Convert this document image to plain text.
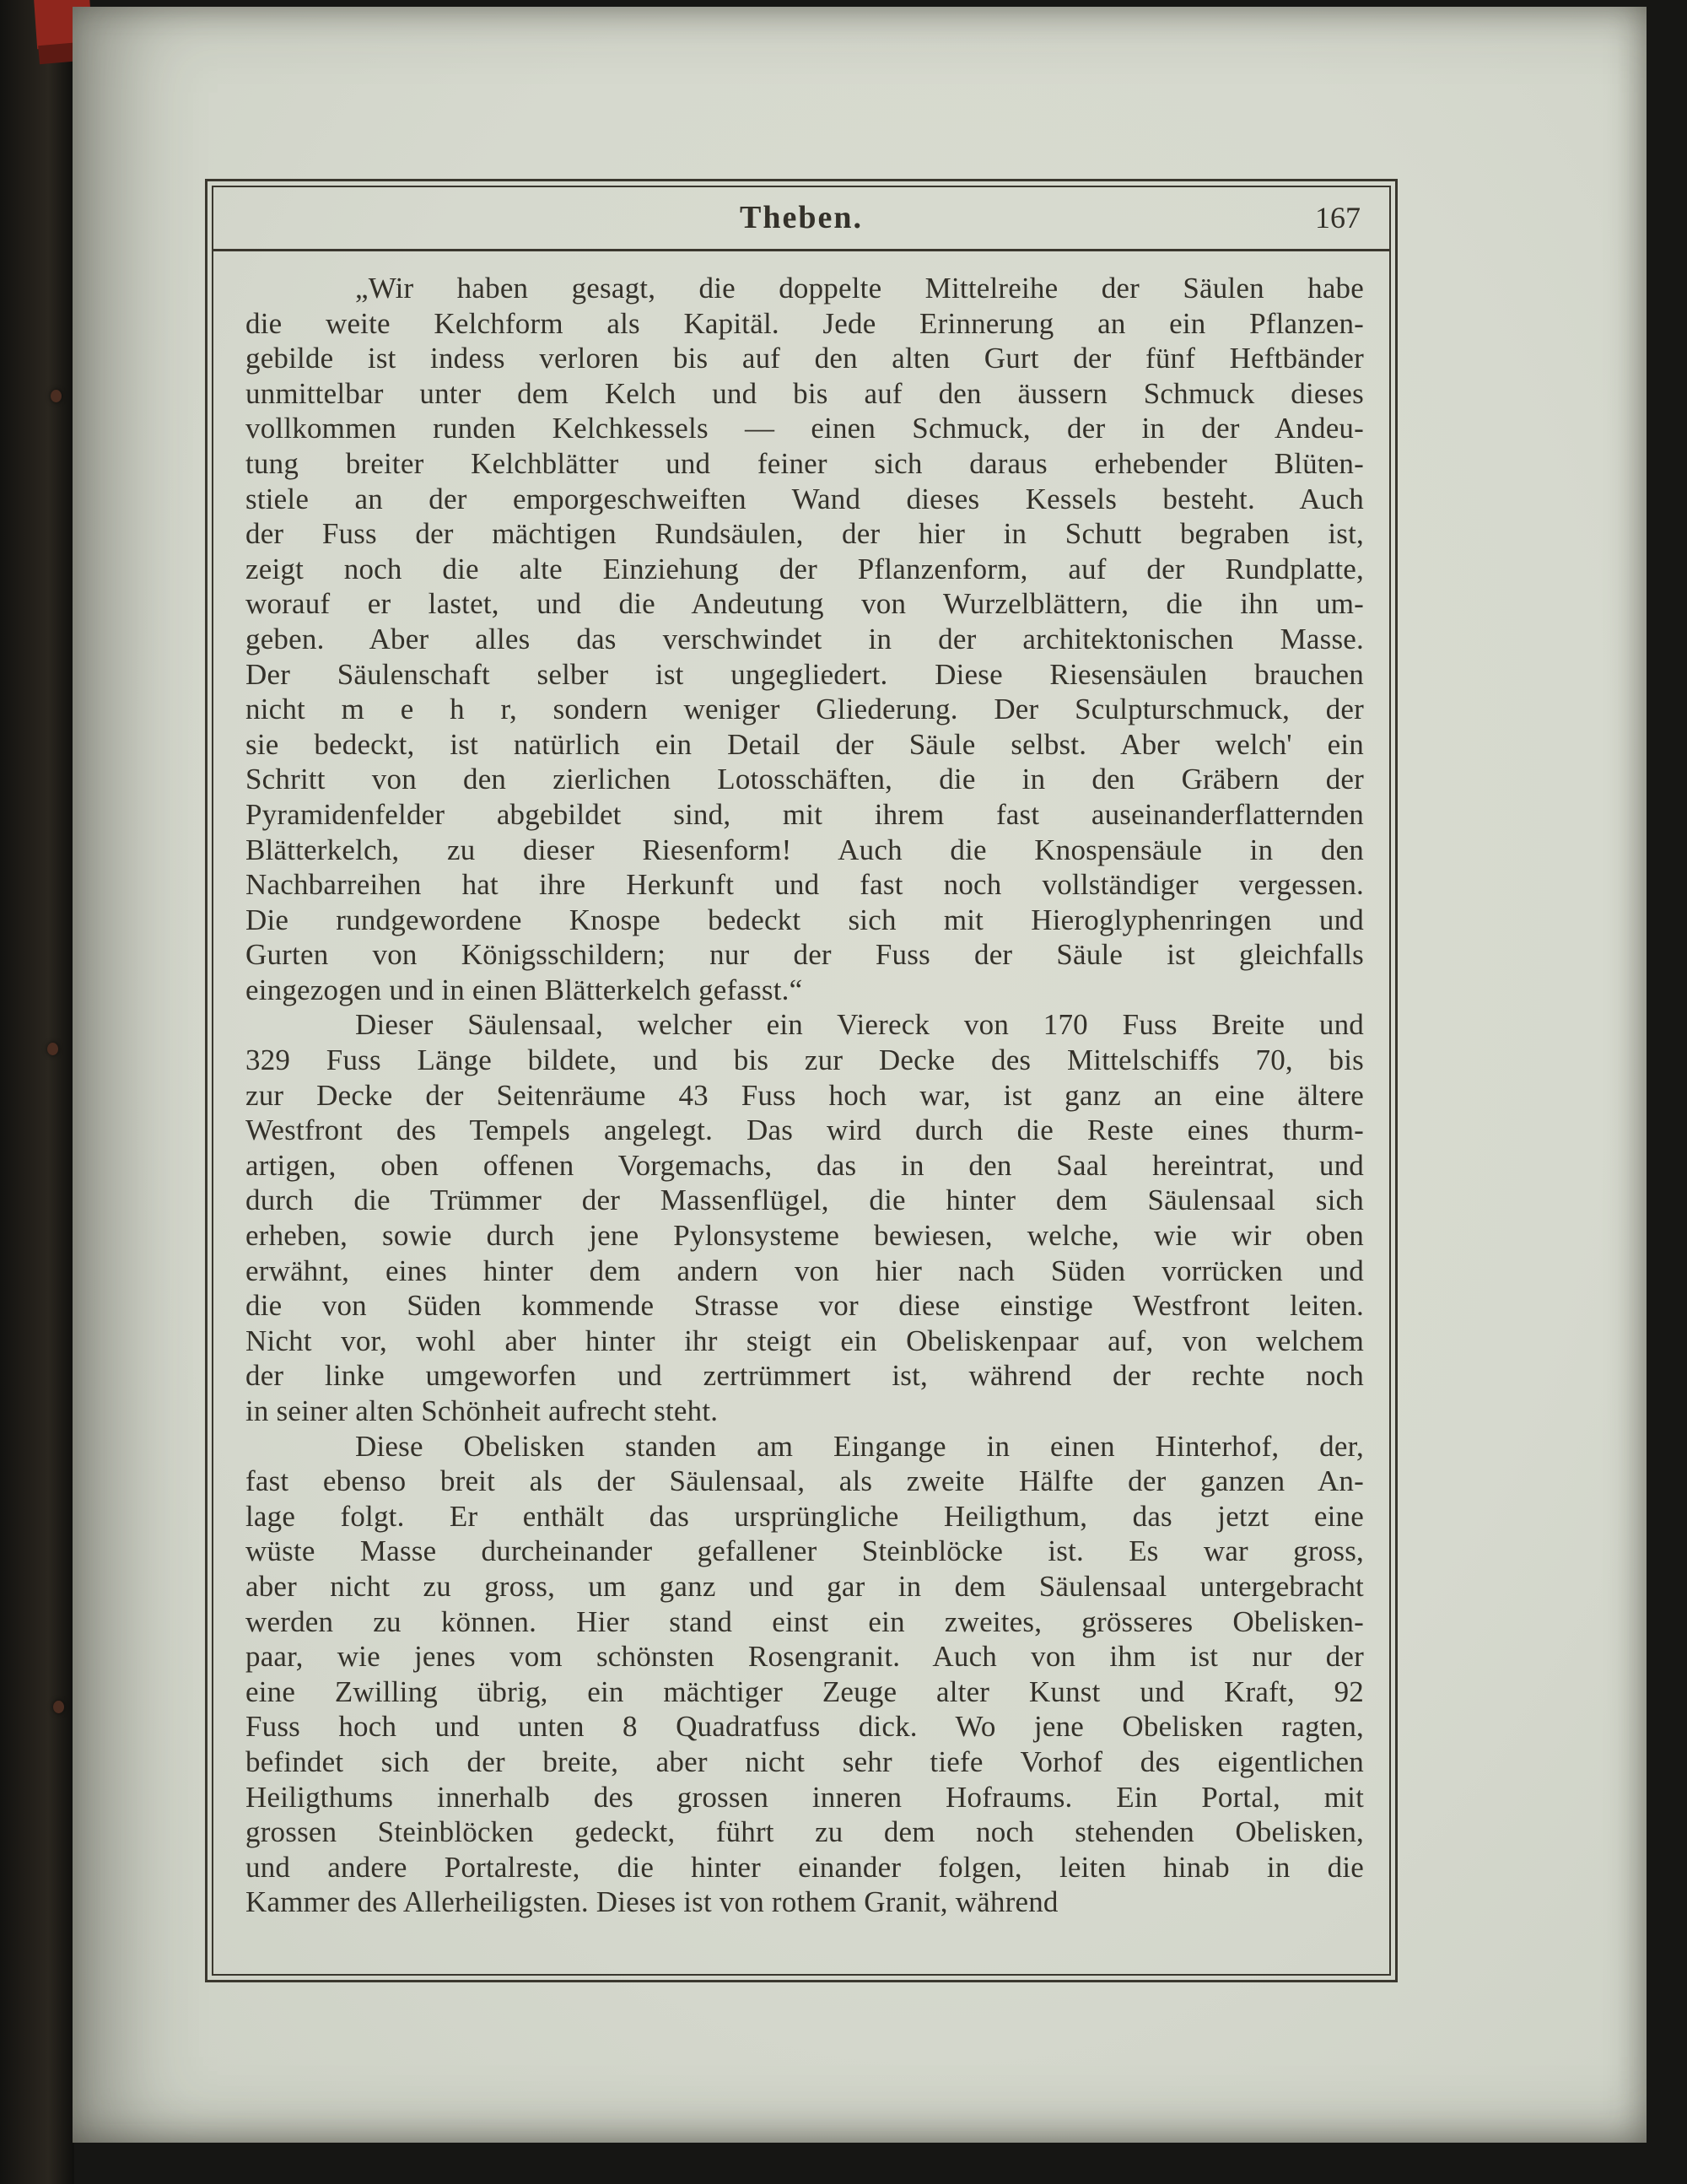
Theben.	167
„Wir haben gesagt, die doppelte Mittelreihe der Säulen habe
die weite Kelchform als Kapitäl. Jede Erinnerung an ein Pflanzen-
gebilde ist indess verloren bis auf den alten Gurt der fünf Heftbänder
unmittelbar unter dem Kelch und bis auf den äussern Schmuck dieses
vollkommen runden Kelchkessels — einen Schmuck, der in der Andeu-
tung breiter Kelchblätter und feiner sich daraus erhebender Blüten-
stiele an der emporgeschweiften Wand dieses Kessels besteht. Auch
der Fuss der mächtigen Rundsäulen, der hier in Schutt begraben ist,
zeigt noch die alte Einziehung der Pflanzenform, auf der Rundplatte,
worauf er lastet, und die Andeutung von Wurzelblättern, die ihn um-
geben. Aber alles das verschwindet in der architektonischen Masse.
Der Säulenschaft selber ist ungegliedert. Diese Riesensäulen brauchen
nicht m e h r, sondern weniger Gliederung. Der Sculpturschmuck, der
sie bedeckt, ist natürlich ein Detail der Säule selbst. Aber welch' ein
Schritt von den zierlichen Lotosschäften, die in den Gräbern der
Pyramidenfelder abgebildet sind, mit ihrem fast auseinanderflatternden
Blätterkelch, zu dieser Riesenform! Auch die Knospensäule in den
Nachbarreihen hat ihre Herkunft und fast noch vollständiger vergessen.
Die rundgewordene Knospe bedeckt sich mit Hieroglyphenringen und
Gurten von Königsschildern; nur der Fuss der Säule ist gleichfalls
eingezogen und in einen Blätterkelch gefasst.“
Dieser Säulensaal, welcher ein Viereck von 170 Fuss Breite und
329 Fuss Länge bildete, und bis zur Decke des Mittelschiffs 70, bis
zur Decke der Seitenräume 43 Fuss hoch war, ist ganz an eine ältere
Westfront des Tempels angelegt. Das wird durch die Reste eines thurm-
artigen, oben offenen Vorgemachs, das in den Saal hereintrat, und
durch die Trümmer der Massenflügel, die hinter dem Säulensaal sich
erheben, sowie durch jene Pylonsysteme bewiesen, welche, wie wir oben
erwähnt, eines hinter dem andern von hier nach Süden vorrücken und
die von Süden kommende Strasse vor diese einstige Westfront leiten.
Nicht vor, wohl aber hinter ihr steigt ein Obeliskenpaar auf, von welchem
der linke umgeworfen und zertrümmert ist, während der rechte noch
in seiner alten Schönheit aufrecht steht.
Diese Obelisken standen am Eingange in einen Hinterhof, der,
fast ebenso breit als der Säulensaal, als zweite Hälfte der ganzen An-
lage folgt. Er enthält das ursprüngliche Heiligthum, das jetzt eine
wüste Masse durcheinander gefallener Steinblöcke ist. Es war gross,
aber nicht zu gross, um ganz und gar in dem Säulensaal untergebracht
werden zu können. Hier stand einst ein zweites, grösseres Obelisken-
paar, wie jenes vom schönsten Rosengranit. Auch von ihm ist nur der
eine Zwilling übrig, ein mächtiger Zeuge alter Kunst und Kraft, 92
Fuss hoch und unten 8 Quadratfuss dick. Wo jene Obelisken ragten,
befindet sich der breite, aber nicht sehr tiefe Vorhof des eigentlichen
Heiligthums innerhalb des grossen inneren Hofraums. Ein Portal, mit
grossen Steinblöcken gedeckt, führt zu dem noch stehenden Obelisken,
und andere Portalreste, die hinter einander folgen, leiten hinab in die
Kammer des Allerheiligsten. Dieses ist von rothem Granit, während
